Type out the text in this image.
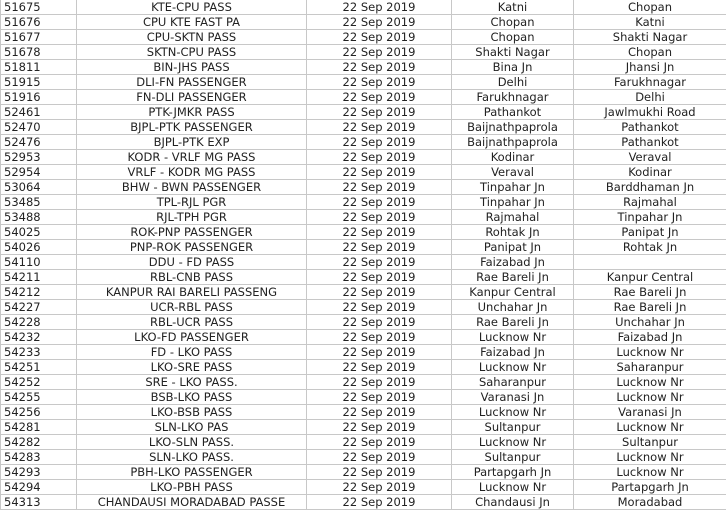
51675	KTE-CPU PASS	22 Sep 2019	Katni	Chopan
51676	CPU KTE FAST PA	22 Sep 2019	Chopan	Katni
51677	CPU-SKTN PASS	22 Sep 2019	Chopan	Shakti Nagar
51678	SKTN-CPU PASS	22 Sep 2019	Shakti Nagar	Chopan
51811	BIN-JHS PASS	22 Sep 2019	Bina Jn	Jhansi Jn
51915	DLI-FN PASSENGER	22 Sep 2019	Delhi	Farukhnagar
51916	FN-DLI PASSENGER	22 Sep 2019	Farukhnagar	Delhi
52461	PTK-JMKR PASS	22 Sep 2019	Pathankot	Jawlmukhi Road
52470	BJPL-PTK PASSENGER	22 Sep 2019	Baijnathpaprola	Pathankot
52476	BJPL-PTK EXP	22 Sep 2019	Baijnathpaprola	Pathankot
52953	KODR - VRLF MG PASS	22 Sep 2019	Kodinar	Veraval
52954	VRLF - KODR MG PASS	22 Sep 2019	Veraval	Kodinar
53064	BHW - BWN PASSENGER	22 Sep 2019	Tinpahar Jn	Barddhaman Jn
53485	TPL-RJL PGR	22 Sep 2019	Tinpahar Jn	Rajmahal
53488	RJL-TPH PGR	22 Sep 2019	Rajmahal	Tinpahar Jn
54025	ROK-PNP PASSENGER	22 Sep 2019	Rohtak Jn	Panipat Jn
54026	PNP-ROK PASSENGER	22 Sep 2019	Panipat Jn	Rohtak Jn
54110	DDU - FD PASS	22 Sep 2019	Faizabad Jn	
54211	RBL-CNB PASS	22 Sep 2019	Rae Bareli Jn	Kanpur Central
54212	KANPUR RAI BARELI PASSENG	22 Sep 2019	Kanpur Central	Rae Bareli Jn
54227	UCR-RBL PASS	22 Sep 2019	Unchahar Jn	Rae Bareli Jn
54228	RBL-UCR PASS	22 Sep 2019	Rae Bareli Jn	Unchahar Jn
54232	LKO-FD PASSENGER	22 Sep 2019	Lucknow Nr	Faizabad Jn
54233	FD - LKO PASS	22 Sep 2019	Faizabad Jn	Lucknow Nr
54251	LKO-SRE PASS	22 Sep 2019	Lucknow Nr	Saharanpur
54252	SRE - LKO PASS.	22 Sep 2019	Saharanpur	Lucknow Nr
54255	BSB-LKO PASS	22 Sep 2019	Varanasi Jn	Lucknow Nr
54256	LKO-BSB PASS	22 Sep 2019	Lucknow Nr	Varanasi Jn
54281	SLN-LKO PAS	22 Sep 2019	Sultanpur	Lucknow Nr
54282	LKO-SLN PASS.	22 Sep 2019	Lucknow Nr	Sultanpur
54283	SLN-LKO PASS.	22 Sep 2019	Sultanpur	Lucknow Nr
54293	PBH-LKO PASSENGER	22 Sep 2019	Partapgarh Jn	Lucknow Nr
54294	LKO-PBH PASS	22 Sep 2019	Lucknow Nr	Partapgarh Jn
54313	CHANDAUSI MORADABAD PASSE	22 Sep 2019	Chandausi Jn	Moradabad
